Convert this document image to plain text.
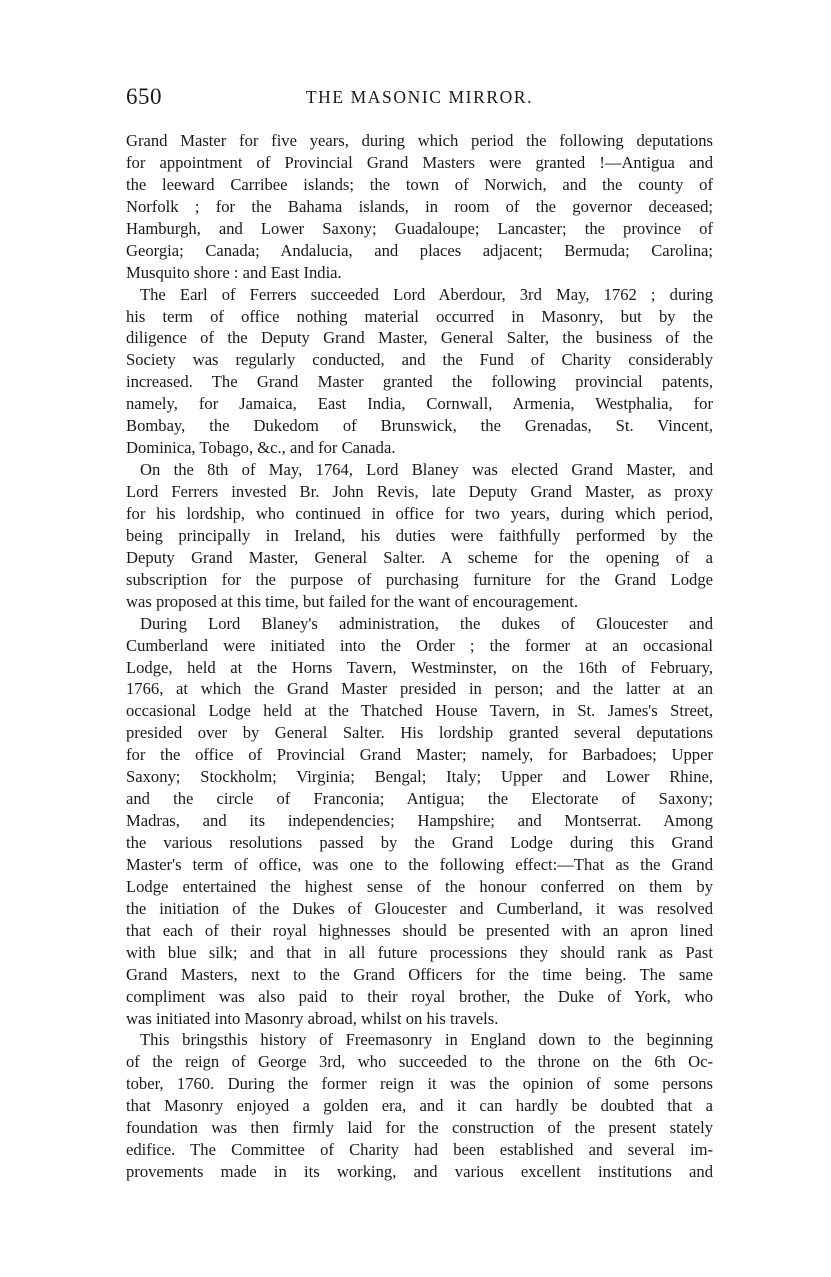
650	THE MASONIC MIRROR.
Grand Master for five years, during which period the following deputations
for appointment of Provincial Grand Masters were granted !—Antigua and
the leeward Carribee islands; the town of Norwich, and the county of
Norfolk ; for the Bahama islands, in room of the governor deceased;
Hamburgh, and Lower Saxony; Guadaloupe; Lancaster; the province of
Georgia; Canada; Andalucia, and places adjacent; Bermuda; Carolina;
Musquito shore : and East India.
The Earl of Ferrers succeeded Lord Aberdour, 3rd May, 1762 ; during
his term of office nothing material occurred in Masonry, but by the
diligence of the Deputy Grand Master, General Salter, the business of the
Society was regularly conducted, and the Fund of Charity considerably
increased. The Grand Master granted the following provincial patents,
namely, for Jamaica, East India, Cornwall, Armenia, Westphalia, for
Bombay, the Dukedom of Brunswick, the Grenadas, St. Vincent,
Dominica, Tobago, &c., and for Canada.
On the 8th of May, 1764, Lord Blaney was elected Grand Master, and
Lord Ferrers invested Br. John Revis, late Deputy Grand Master, as proxy
for his lordship, who continued in office for two years, during which period,
being principally in Ireland, his duties were faithfully performed by the
Deputy Grand Master, General Salter. A scheme for the opening of a
subscription for the purpose of purchasing furniture for the Grand Lodge
was proposed at this time, but failed for the want of encouragement.
During Lord Blaney's administration, the dukes of Gloucester and
Cumberland were initiated into the Order ; the former at an occasional
Lodge, held at the Horns Tavern, Westminster, on the 16th of February,
1766, at which the Grand Master presided in person; and the latter at an
occasional Lodge held at the Thatched House Tavern, in St. James's Street,
presided over by General Salter. His lordship granted several deputations
for the office of Provincial Grand Master; namely, for Barbadoes; Upper
Saxony; Stockholm; Virginia; Bengal; Italy; Upper and Lower Rhine,
and the circle of Franconia; Antigua; the Electorate of Saxony;
Madras, and its independencies; Hampshire; and Montserrat. Among
the various resolutions passed by the Grand Lodge during this Grand
Master's term of office, was one to the following effect:—That as the Grand
Lodge entertained the highest sense of the honour conferred on them by
the initiation of the Dukes of Gloucester and Cumberland, it was resolved
that each of their royal highnesses should be presented with an apron lined
with blue silk; and that in all future processions they should rank as Past
Grand Masters, next to the Grand Officers for the time being. The same
compliment was also paid to their royal brother, the Duke of York, who
was initiated into Masonry abroad, whilst on his travels.
This bringsthis history of Freemasonry in England down to the beginning
of the reign of George 3rd, who succeeded to the throne on the 6th Oc-
tober, 1760. During the former reign it was the opinion of some persons
that Masonry enjoyed a golden era, and it can hardly be doubted that a
foundation was then firmly laid for the construction of the present stately
edifice. The Committee of Charity had been established and several im-
provements made in its working, and various excellent institutions and
